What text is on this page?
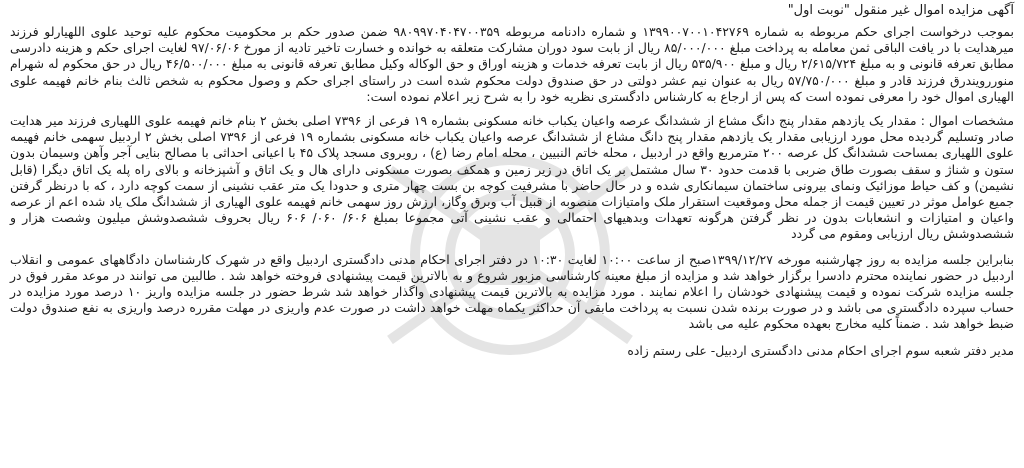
آگهی مزایده اموال غیر منقول "نوبت اول"
بموجب درخواست اجرای حکم مربوطه به شماره ۱۳۹۹۰۰۷۰۰۱۰۴۲۷۶۹ و شماره دادنامه مربوطه ۹۸۰۹۹۷۰۴۰۴۷۰۰۳۵۹ ضمن صدور حکم بر محکومیت محکوم علیه توحید علوی اللهیارلو فرزند میرهدایت با در یافت الباقی ثمن معامله به پرداخت مبلغ ۸۵/۰۰۰/۰۰۰ ریال از بابت سود دوران مشارکت متعلقه به خوانده و خسارت تاخیر تادیه از مورخ ۹۷/۰۶/۰۶ لغایت اجرای حکم و هزینه دادرسی مطابق تعرفه قانونی و به مبلغ ۲/۶۱۵/۷۲۴ ریال و مبلغ ۵۳۵/۹۰۰ ریال از بابت تعرفه خدمات و هزینه اوراق و حق الوکاله وکیل مطابق تعرفه قانونی به مبلغ ۴۶/۵۰۰/۰۰۰ ریال در حق محکوم له شهرام منوررویندرق فرزند قادر و مبلغ ۵۷/۷۵۰/۰۰۰ ریال به عنوان نیم عشر دولتی در حق صندوق دولت محکوم شده است در راستای اجرای حکم و وصول محکوم به شخص ثالث بنام خانم فهیمه علوی الهیاری اموال خود را معرفی نموده است که پس از ارجاع به کارشناس دادگستری نظریه خود را به شرح زیر اعلام نموده است:
مشخصات اموال : مقدار یک یازدهم مقدار پنج دانگ مشاع از ششدانگ عرصه واعیان یکباب خانه مسکونی بشماره ۱۹ فرعی از ۷۳۹۶ اصلی بخش ۲ بنام خانم فهیمه علوی اللهیاری فرزند میر هدایت صادر وتسلیم گردیده محل مورد ارزیابی مقدار یک یازدهم مقدار پنج دانگ مشاع از ششدانگ عرصه واعیان یکباب خانه مسکونی بشماره ۱۹ فرعی از ۷۳۹۶ اصلی بخش ۲ اردبیل سهمی خانم فهیمه علوی اللهیاری بمساحت ششدانگ کل عرصه ۲۰۰ مترمربع واقع در اردبیل ، محله خاتم النبیین ، محله امام رضا (ع) ، روبروی مسجد پلاک ۴۵ با اعیانی احداثی با مصالح بنایی آجر وآهن وسیمان بدون ستون و شناژ و سقف بصورت طاق ضربی با قدمت حدود ۳۰ سال مشتمل بر یک اتاق در زیر زمین و همکف بصورت مسکونی دارای هال و یک اتاق و آشپزخانه و بالای راه پله یک اتاق دیگرا (قابل نشیمن) و کف حیاط موزائیک ونمای بیرونی ساختمان سیمانکاری شده و در حال حاضر با مشرفیت کوچه بن بست چهار متری و حدودا یک متر عقب نشینی از سمت کوچه دارد ، که با درنظر گرفتن جمیع عوامل موثر در تعیین قیمت از جمله محل وموقعیت استقرار ملک وامتیازات منصوبه از قبیل آب وبرق وگاز، ارزش روز سهمی خانم فهیمه علوی الهیاری از ششدانگ ملک یاد شده اعم از عرصه واعیان و امتیازات و انشعابات بدون در نظر گرفتن هرگونه تعهدات وبدهیهای احتمالی و عقب نشینی آتی مجموعا بمبلغ ۶۰۶/ ۰۶۰/ ۶۰۶ ریال بحروف ششصدوشش میلیون وشصت هزار و ششصدوشش ریال ارزیابی ومقوم می گردد
بنابراین جلسه مزایده به روز چهارشنبه مورخه ۱۳۹۹/۱۲/۲۷صبح از ساعت ۱۰:۰۰ لغایت ۱۰:۳۰ در دفتر اجرای احکام مدنی دادگستری اردبیل واقع در شهرک کارشناسان دادگاههای عمومی و انقلاب اردبیل در حضور نماینده محترم دادسرا برگزار خواهد شد و مزایده از مبلغ معینه کارشناسی مزبور شروع و به بالاترین قیمت پیشنهادی فروخته خواهد شد . طالبین می توانند در موعد مقرر فوق در جلسه مزایده شرکت نموده و قیمت پیشنهادی خودشان را اعلام نمایند . مورد مزایده به بالاترین قیمت پیشنهادی واگذار خواهد شد شرط حضور در جلسه مزایده واریز ۱۰ درصد مورد مزایده در حساب سپرده دادگستری می باشد و در صورت برنده شدن نسبت به پرداخت مابقی آن حداکثر یکماه مهلت خواهد داشت در صورت عدم واریزی در مهلت مقرره درصد واریزی به نفع صندوق دولت ضبط خواهد شد . ضمناً کلیه مخارج بعهده محکوم علیه می باشد
مدیر دفتر شعبه سوم اجرای احکام مدنی دادگستری اردبیل- علی رستم زاده
